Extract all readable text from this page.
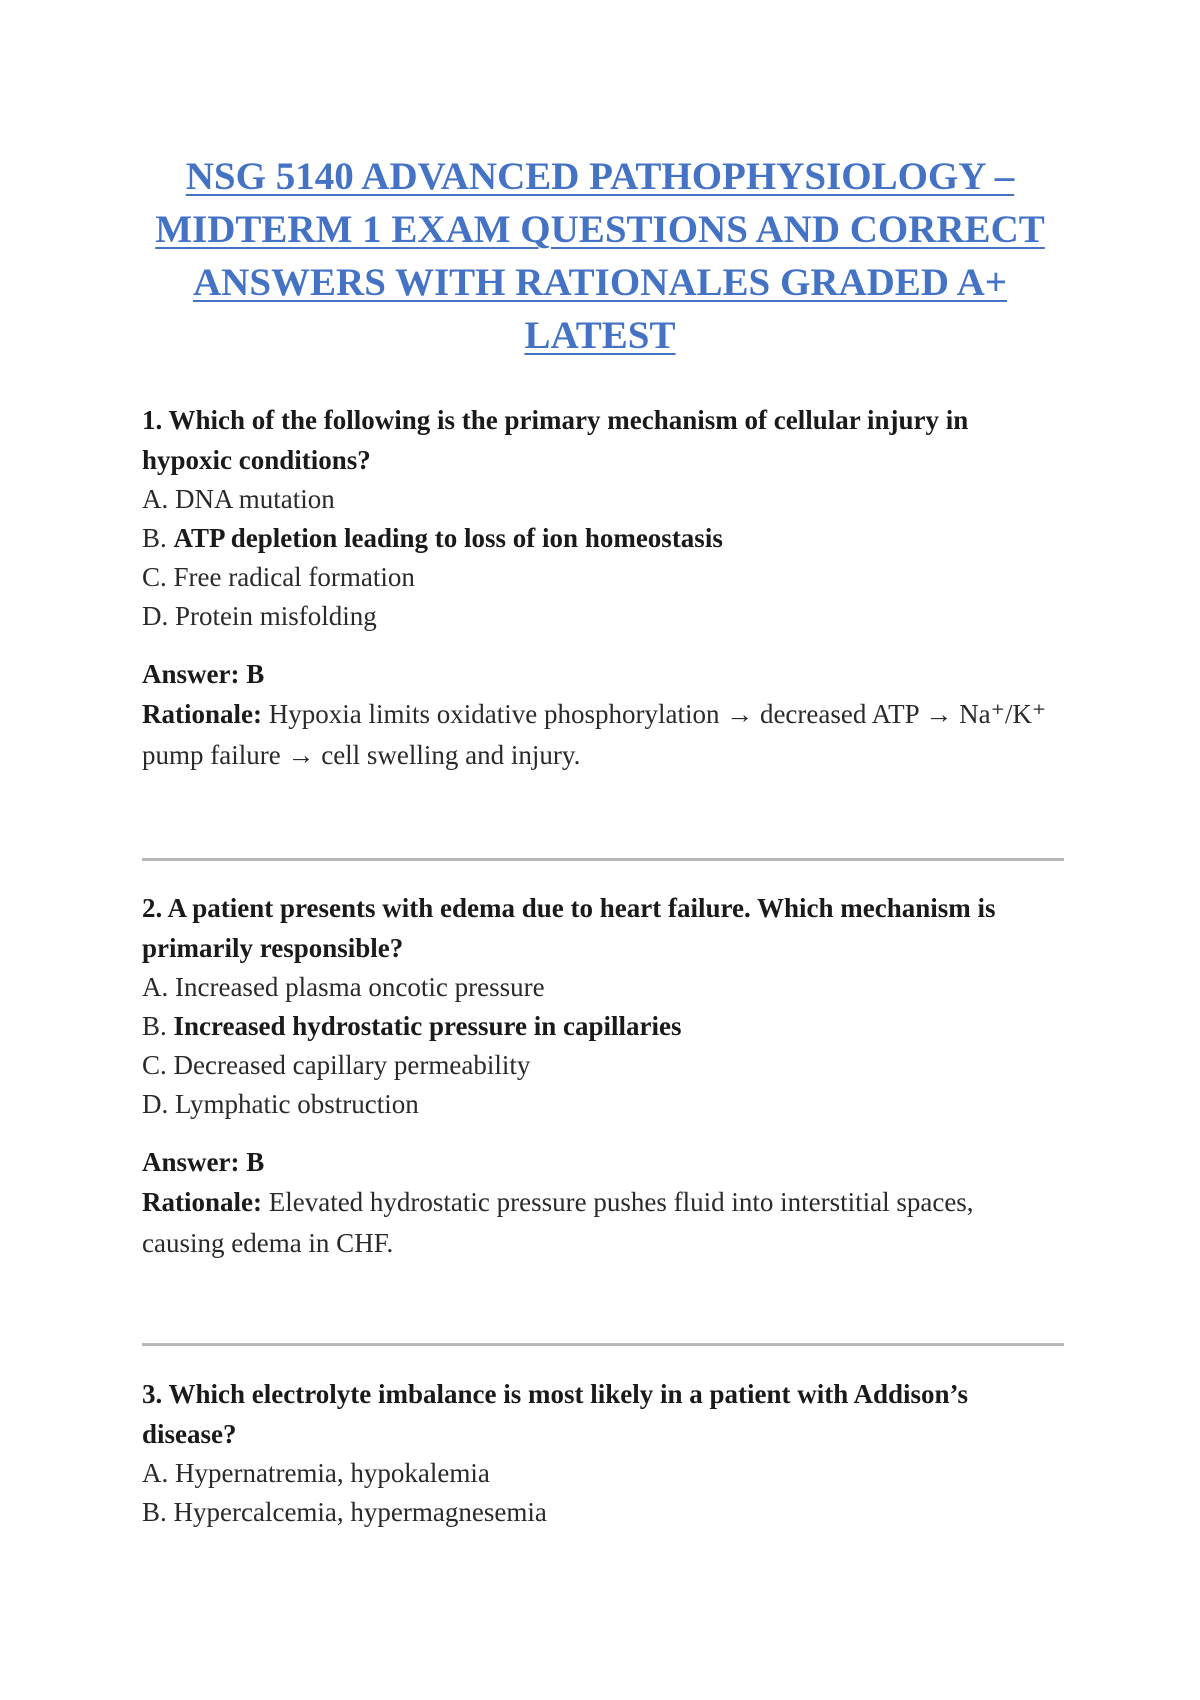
NSG 5140 ADVANCED PATHOPHYSIOLOGY – MIDTERM 1 EXAM QUESTIONS AND CORRECT ANSWERS WITH RATIONALES GRADED A+ LATEST

1. Which of the following is the primary mechanism of cellular injury in hypoxic conditions?

A. DNA mutation
B. ATP depletion leading to loss of ion homeostasis
C. Free radical formation
D. Protein misfolding
Answer: B
Rationale: Hypoxia limits oxidative phosphorylation → decreased ATP → Na⁺/K⁺ pump failure → cell swelling and injury.

2. A patient presents with edema due to heart failure. Which mechanism is primarily responsible?

A. Increased plasma oncotic pressure
B. Increased hydrostatic pressure in capillaries
C. Decreased capillary permeability
D. Lymphatic obstruction
Answer: B
Rationale: Elevated hydrostatic pressure pushes fluid into interstitial spaces, causing edema in CHF.

3. Which electrolyte imbalance is most likely in a patient with Addison’s disease?

A. Hypernatremia, hypokalemia
B. Hypercalcemia, hypermagnesemia
